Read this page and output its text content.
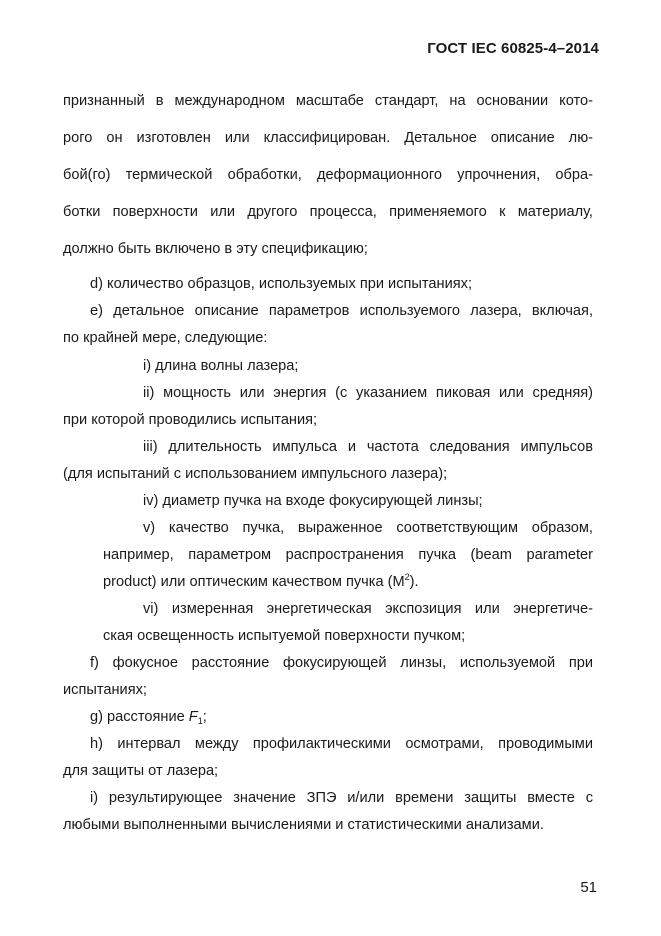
ГОСТ IEC 60825-4–2014
признанный в международном масштабе стандарт, на основании кото-
рого он изготовлен или классифицирован. Детальное описание лю-
бой(го) термической обработки, деформационного упрочнения, обра-
ботки поверхности или другого процесса, применяемого к материалу,
должно быть включено в эту спецификацию;
d) количество образцов, используемых при испытаниях;
e) детальное описание параметров используемого лазера, включая,
по крайней мере, следующие:
i) длина волны лазера;
ii) мощность или энергия (с указанием пиковая или средняя)
при которой проводились испытания;
iii) длительность импульса и частота следования импульсов
(для испытаний с использованием импульсного лазера);
iv) диаметр пучка на входе фокусирующей линзы;
v) качество пучка, выраженное соответствующим образом,
например, параметром распространения пучка (beam parameter
product) или оптическим качеством пучка $(M^2)$.
vi) измеренная энергетическая экспозиция или энергетиче-
ская освещенность испытуемой поверхности пучком;
f) фокусное расстояние фокусирующей линзы, используемой при
испытаниях;
g) расстояние $F_1$;
h) интервал между профилактическими осмотрами, проводимыми
для защиты от лазера;
i) результирующее значение ЗПЭ и/или времени защиты вместе с
любыми выполненными вычислениями и статистическими анализами.
51
